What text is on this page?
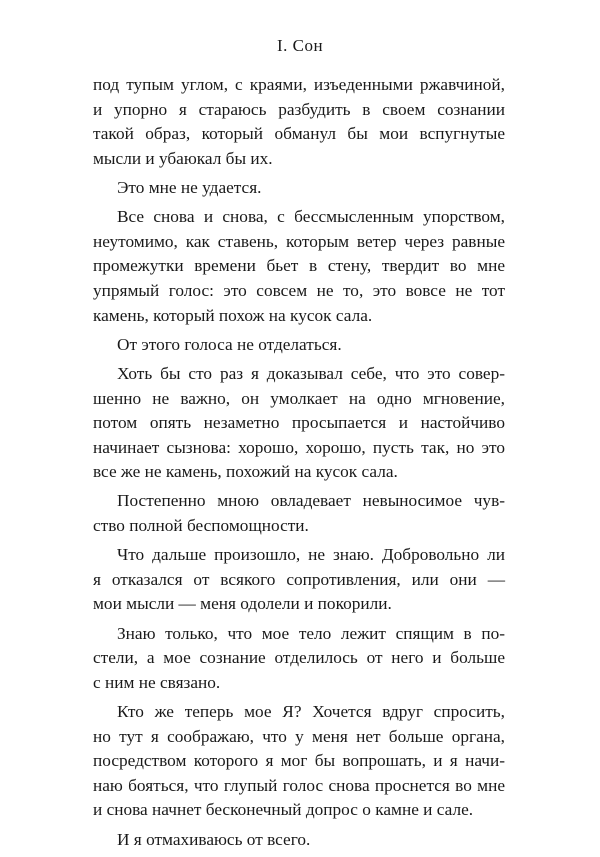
I. Сон
под тупым углом, с краями, изъеденными ржавчиной,
и упорно я стараюсь разбудить в своем сознании
такой образ, который обманул бы мои вспугнутые
мысли и убаюкал бы их.
Это мне не удается.
Все снова и снова, с бессмысленным упорством,
неутомимо, как ставень, которым ветер через равные
промежутки времени бьет в стену, твердит во мне
упрямый голос: это совсем не то, это вовсе не тот
камень, который похож на кусок сала.
От этого голоса не отделаться.
Хоть бы сто раз я доказывал себе, что это совер-
шенно не важно, он умолкает на одно мгновение,
потом опять незаметно просыпается и настойчиво
начинает сызнова: хорошо, хорошо, пусть так, но это
все же не камень, похожий на кусок сала.
Постепенно мною овладевает невыносимое чув-
ство полной беспомощности.
Что дальше произошло, не знаю. Добровольно ли
я отказался от всякого сопротивления, или они —
мои мысли — меня одолели и покорили.
Знаю только, что мое тело лежит спящим в по-
стели, а мое сознание отделилось от него и больше
с ним не связано.
Кто же теперь мое Я? Хочется вдруг спросить,
но тут я соображаю, что у меня нет больше органа,
посредством которого я мог бы вопрошать, и я начи-
наю бояться, что глупый голос снова проснется во мне
и снова начнет бесконечный допрос о камне и сале.
И я отмахиваюсь от всего.
